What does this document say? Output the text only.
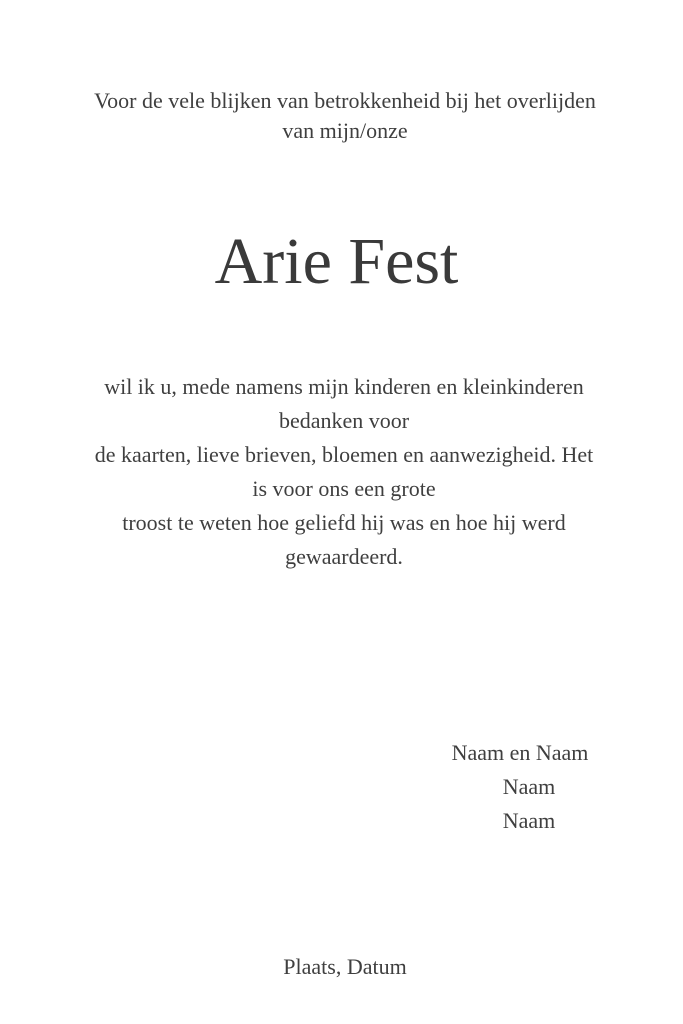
Voor de vele blijken van betrokkenheid bij het overlijden
van mijn/onze
Arie Fest
wil ik u, mede namens mijn kinderen en kleinkinderen
bedanken voor
de kaarten, lieve brieven, bloemen en aanwezigheid. Het
is voor ons een grote
troost te weten hoe geliefd hij was en hoe hij werd
gewaardeerd.
Naam en Naam
Naam
Naam
Plaats, Datum
